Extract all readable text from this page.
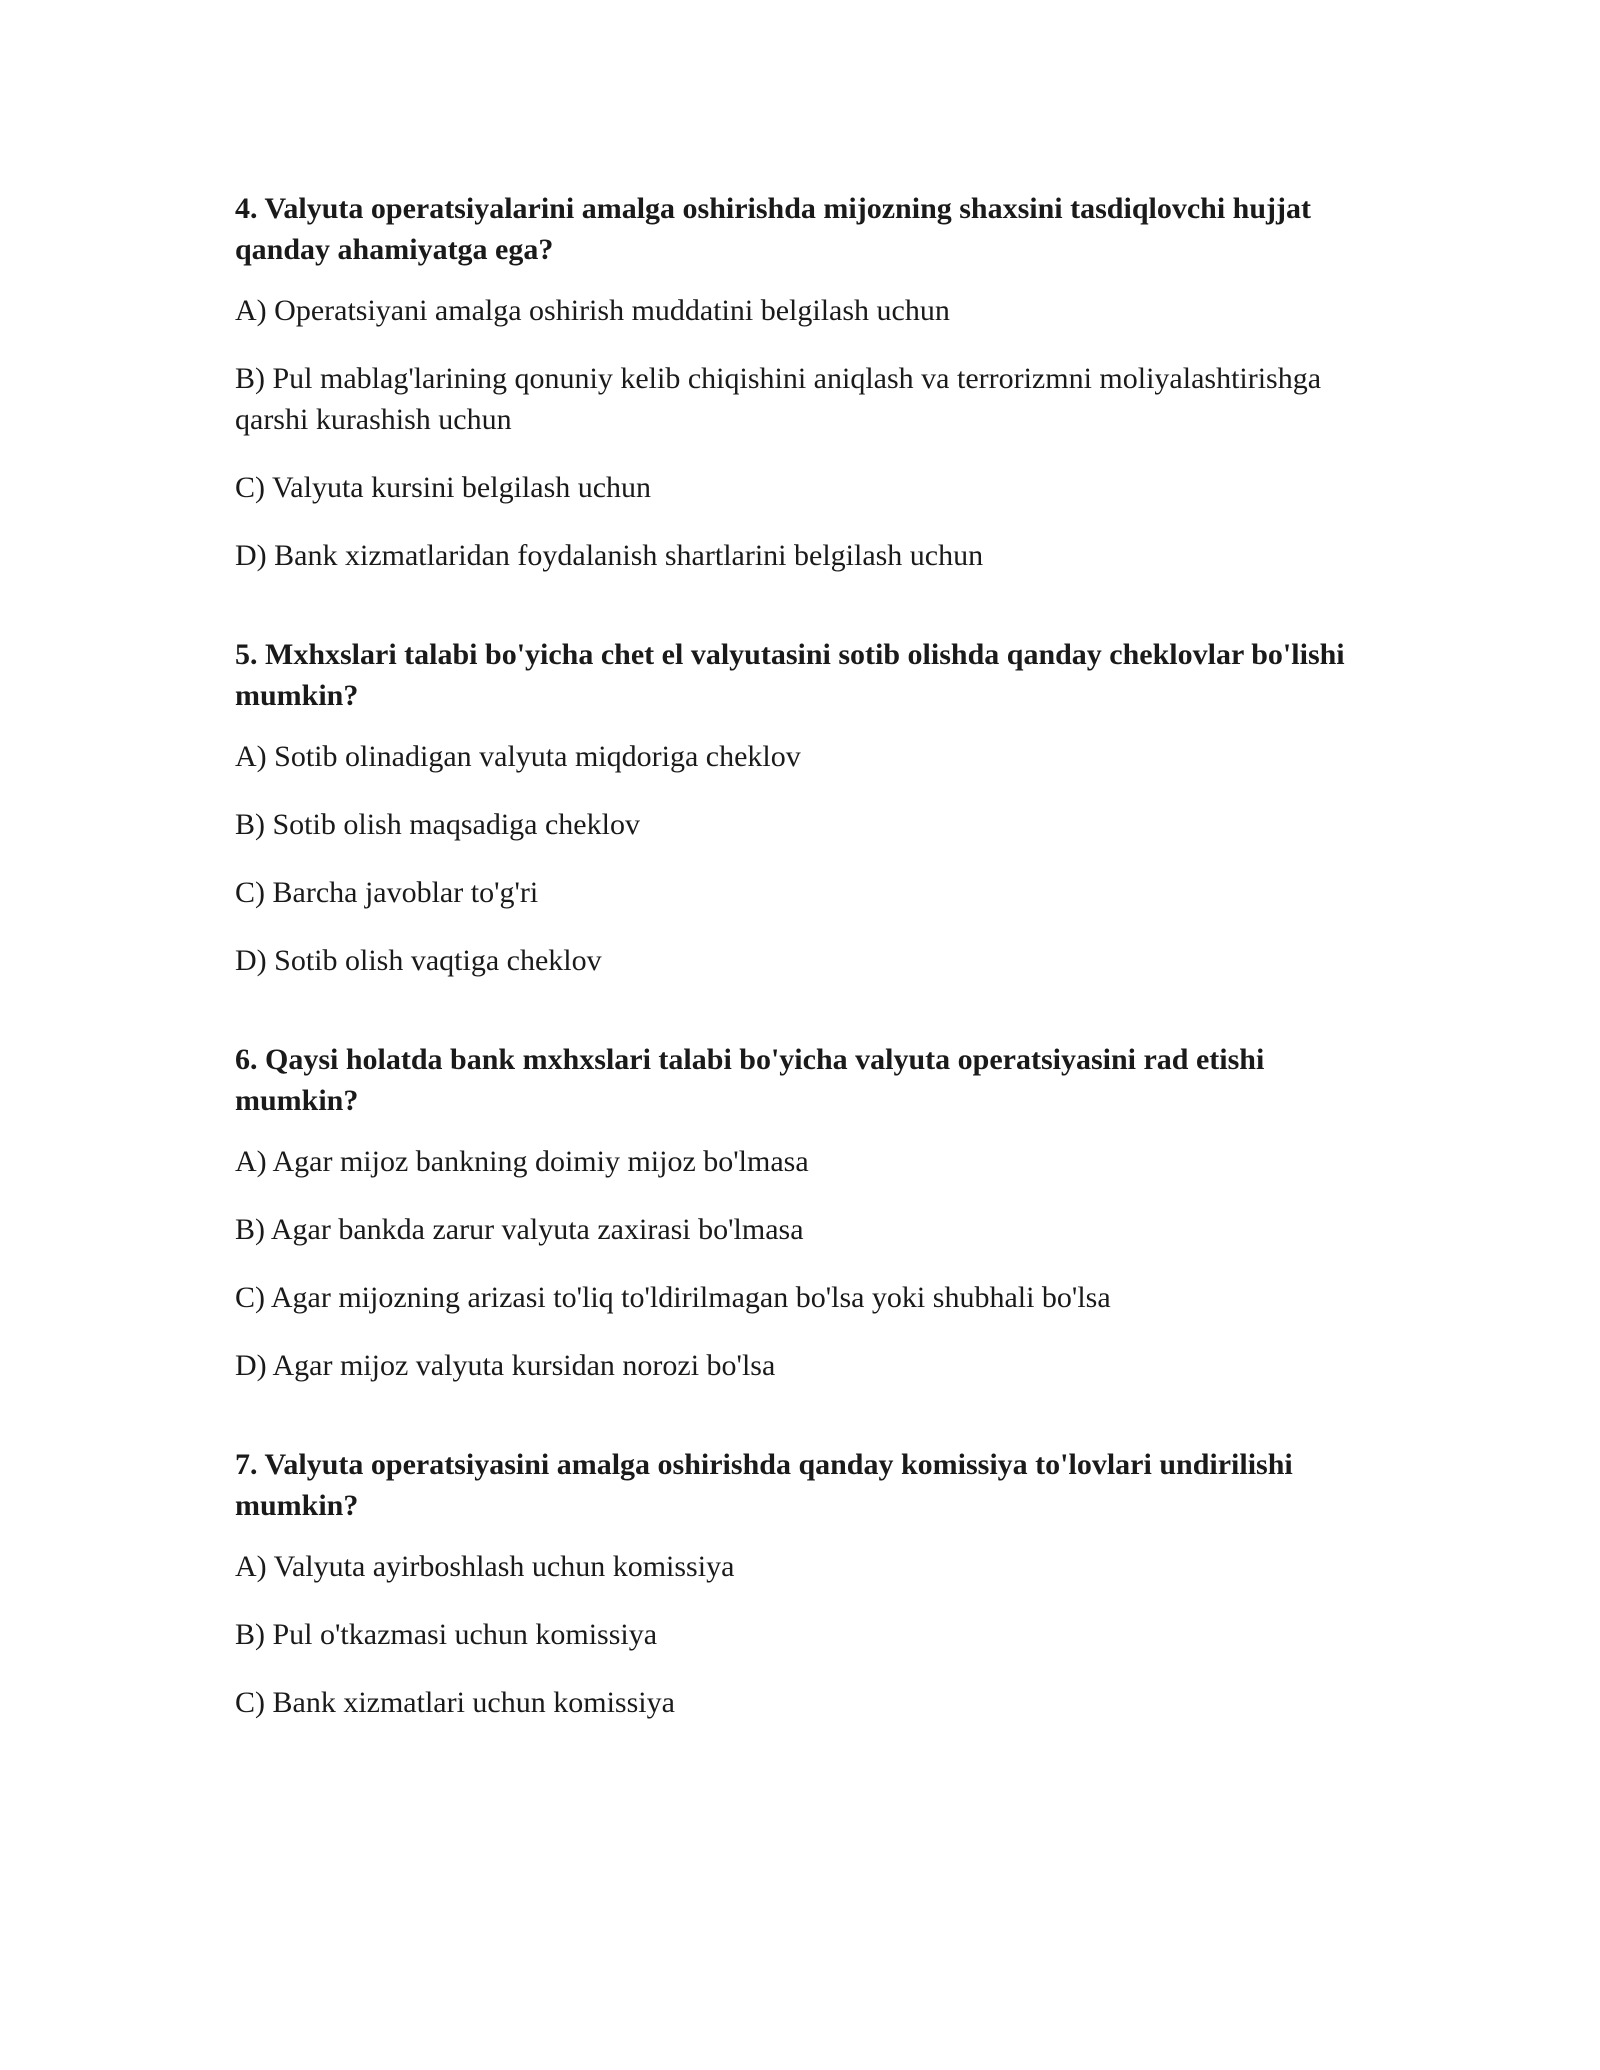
4. Valyuta operatsiyalarini amalga oshirishda mijozning shaxsini tasdiqlovchi hujjat qanday ahamiyatga ega?

A) Operatsiyani amalga oshirish muddatini belgilash uchun

B) Pul mablag'larining qonuniy kelib chiqishini aniqlash va terrorizmni moliyalashtirishga qarshi kurashish uchun

C) Valyuta kursini belgilash uchun

D) Bank xizmatlaridan foydalanish shartlarini belgilash uchun

5. Mxhxslari talabi bo'yicha chet el valyutasini sotib olishda qanday cheklovlar bo'lishi mumkin?

A) Sotib olinadigan valyuta miqdoriga cheklov

B) Sotib olish maqsadiga cheklov

C) Barcha javoblar to'g'ri

D) Sotib olish vaqtiga cheklov

6. Qaysi holatda bank mxhxslari talabi bo'yicha valyuta operatsiyasini rad etishi mumkin?

A) Agar mijoz bankning doimiy mijoz bo'lmasa

B) Agar bankda zarur valyuta zaxirasi bo'lmasa

C) Agar mijozning arizasi to'liq to'ldirilmagan bo'lsa yoki shubhali bo'lsa

D) Agar mijoz valyuta kursidan norozi bo'lsa

7. Valyuta operatsiyasini amalga oshirishda qanday komissiya to'lovlari undirilishi mumkin?

A) Valyuta ayirboshlash uchun komissiya

B) Pul o'tkazmasi uchun komissiya

C) Bank xizmatlari uchun komissiya
